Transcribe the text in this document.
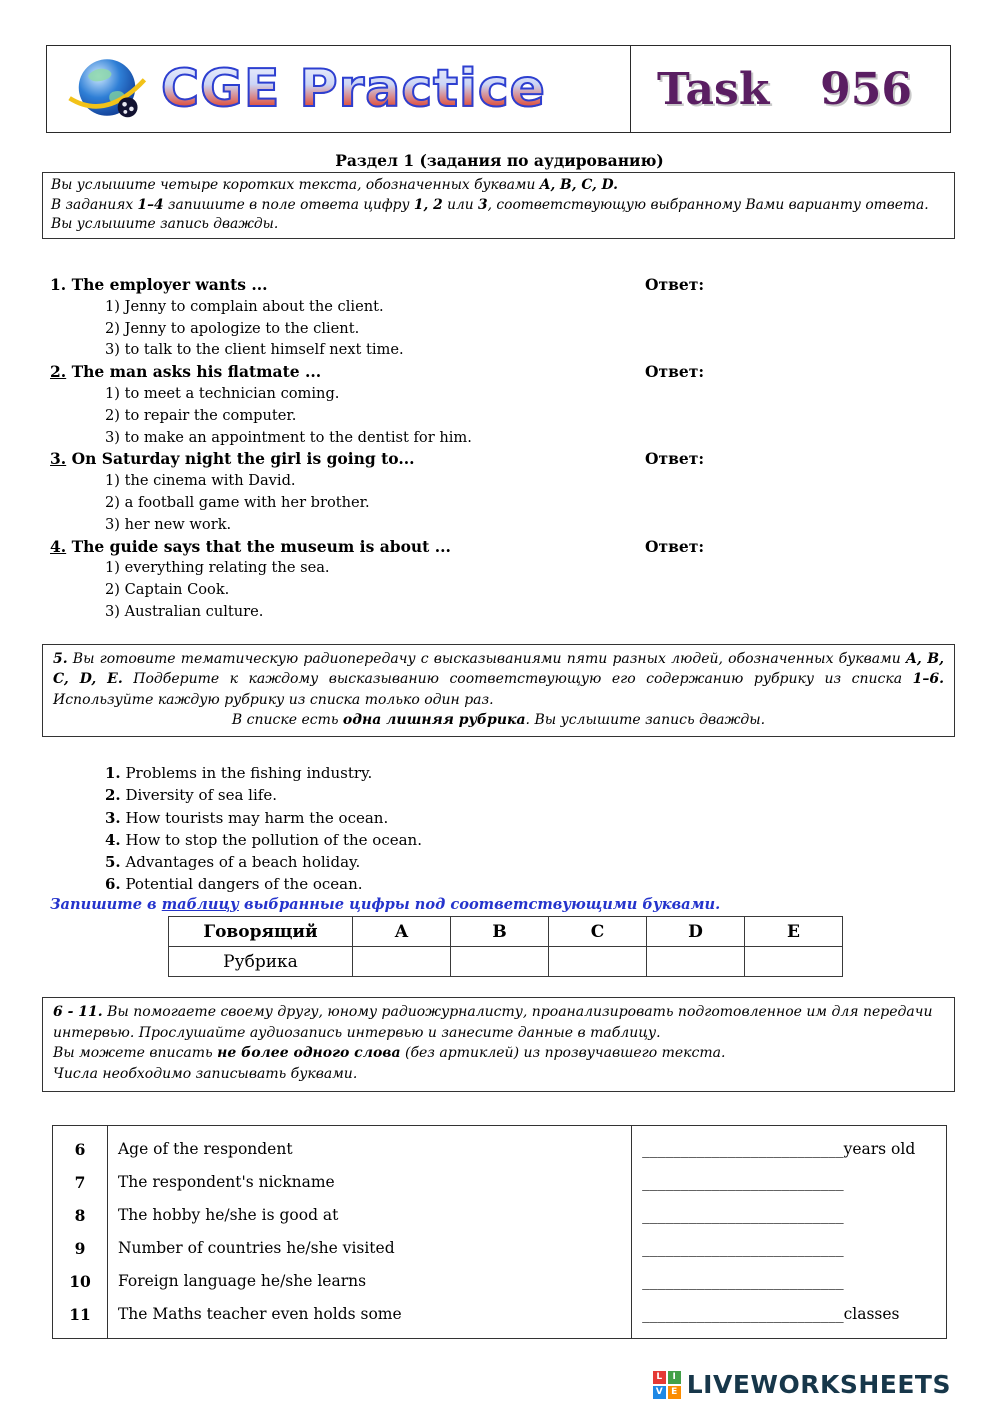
CGE Practice	Task 956
Раздел 1 (задания по аудированию)
Вы услышите четыре коротких текста, обозначенных буквами A, B, C, D.
В заданиях 1–4 запишите в поле ответа цифру 1, 2 или 3, соответствующую выбранному Вами варианту ответа.
Вы услышите запись дважды.
1. The employer wants ...	Ответ:
1) Jenny to complain about the client.
2) Jenny to apologize to the client.
3) to talk to the client himself next time.
2. The man asks his flatmate ...	Ответ:
1) to meet a technician coming.
2) to repair the computer.
3) to make an appointment to the dentist for him.
3. On Saturday night the girl is going to...	Ответ:
1) the cinema with David.
2) a football game with her brother.
3) her new work.
4. The guide says that the museum is about ...	Ответ:
1) everything relating the sea.
2) Captain Cook.
3) Australian culture.
5. Вы готовите тематическую радиопередачу с высказываниями пяти разных людей, обозначенных буквами A, B, C, D, E. Подберите к каждому высказыванию соответствующую его содержанию рубрику из списка 1–6. Используйте каждую рубрику из списка только один раз.
В списке есть одна лишняя рубрика. Вы услышите запись дважды.
1. Problems in the fishing industry.
2. Diversity of sea life.
3. How tourists may harm the ocean.
4. How to stop the pollution of the ocean.
5. Advantages of a beach holiday.
6. Potential dangers of the ocean.
Запишите в таблицу выбранные цифры под соответствующими буквами.
Говорящий	A	B	C	D	E
Рубрика					
6 - 11. Вы помогаете своему другу, юному радиожурналисту, проанализировать подготовленное им для передачи интервью. Прослушайте аудиозапись интервью и занесите данные в таблицу.
Вы можете вписать не более одного слова (без артиклей) из прозвучавшего текста.
Числа необходимо записывать буквами.
6	Age of the respondent	__________________________years old
7	The respondent's nickname	__________________________
8	The hobby he/she is good at	__________________________
9	Number of countries he/she visited	__________________________
10	Foreign language he/she learns	__________________________
11	The Maths teacher even holds some	__________________________classes
L	I
V E LIVEWORKSHEETS
